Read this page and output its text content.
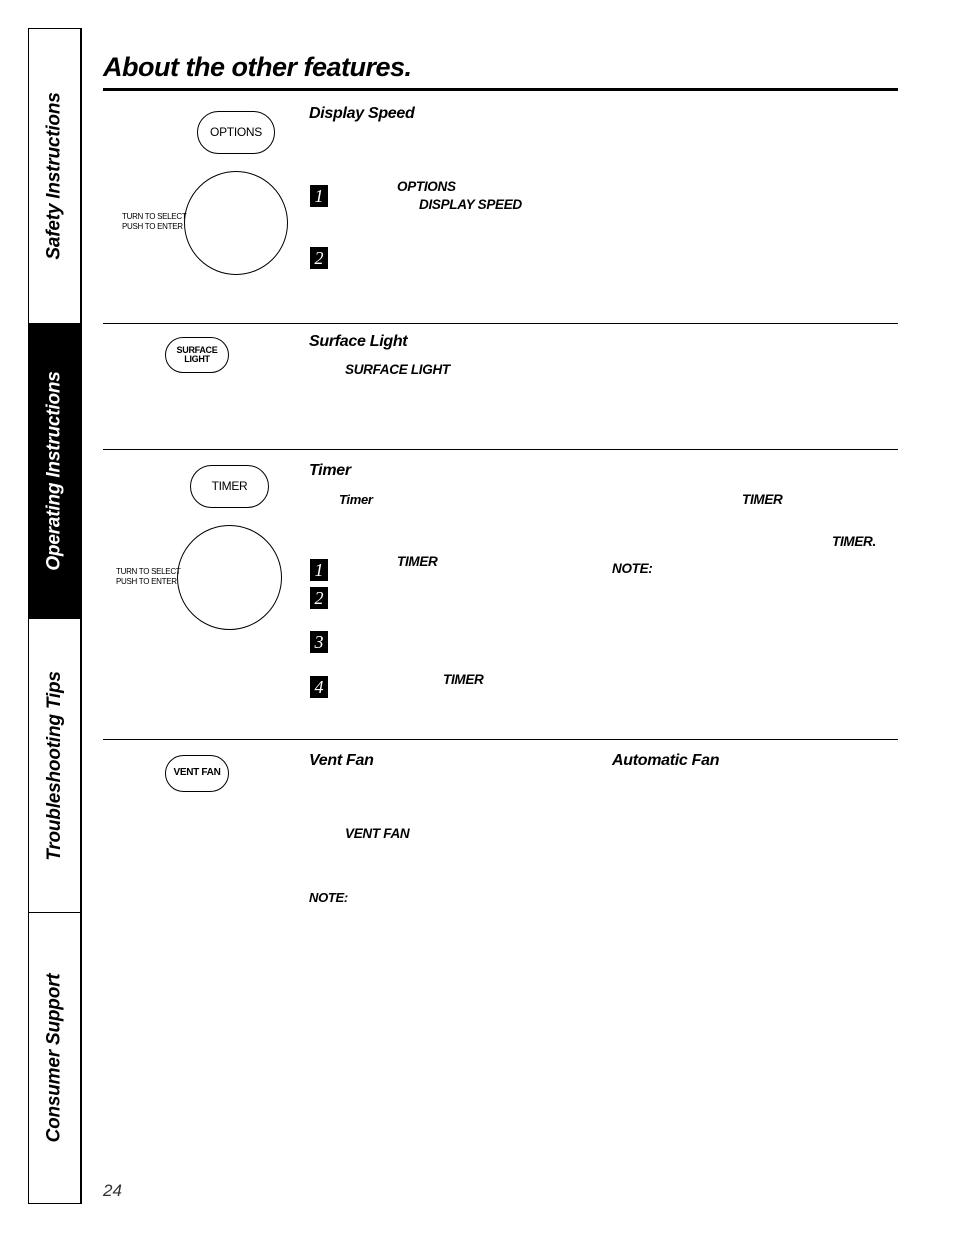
Safety Instructions
Operating Instructions
Troubleshooting Tips
Consumer Support
About the other features.
OPTIONS
TURN TO SELECT
PUSH TO ENTER
Display Speed
1	OPTIONS
DISPLAY SPEED
2
SURFACE
LIGHT
Surface Light
SURFACE LIGHT
TIMER
TURN TO SELECT
PUSH TO ENTER
Timer
Timer	TIMER
TIMER.
NOTE:
1	TIMER
2
3
4	TIMER
VENT FAN
Vent Fan	Automatic Fan
VENT FAN
NOTE:
24
